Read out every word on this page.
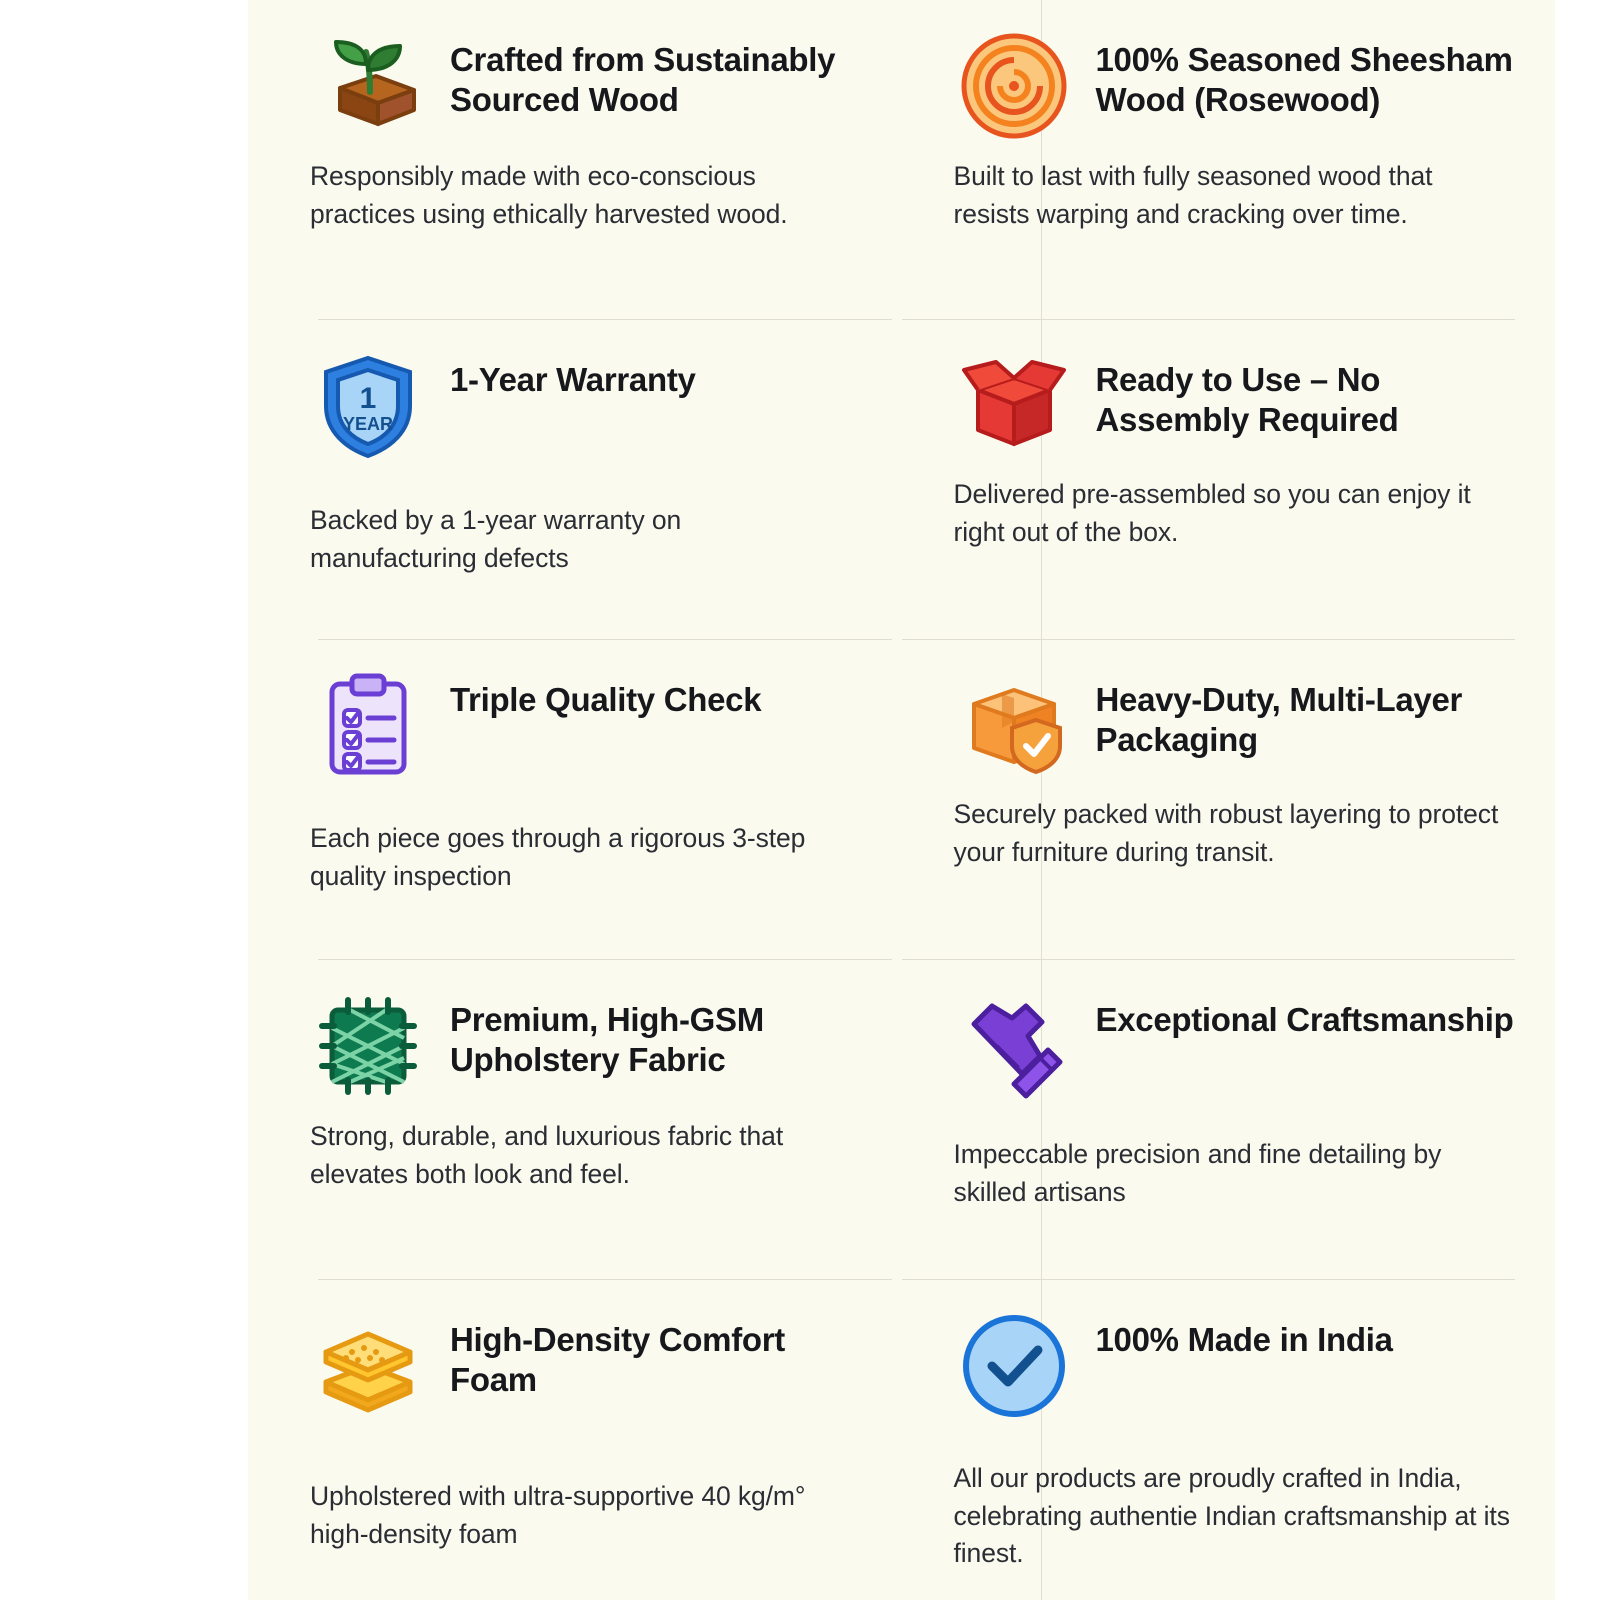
Crafted from Sustainably Sourced Wood
Responsibly made with eco-conscious practices using ethically harvested wood.
100% Seasoned Sheesham Wood (Rosewood)
Built to last with fully seasoned wood that resists warping and cracking over time.
1
YEAR
1-Year Warranty
Backed by a 1-year warranty on manufacturing defects
Ready to Use – No Assembly Required
Delivered pre-assembled so you can enjoy it right out of the box.
Triple Quality Check
Each piece goes through a rigorous 3-step quality inspection
Heavy-Duty, Multi-Layer Packaging
Securely packed with robust layering to protect your furniture during transit.
Premium, High-GSM Upholstery Fabric
Strong, durable, and luxurious fabric that elevates both look and feel.
Exceptional Craftsmanship
Impeccable precision and fine detailing by skilled artisans
High-Density Comfort Foam
Upholstered with ultra-supportive 40 kg/m° high-density foam
100% Made in India
All our products are proudly crafted in India, celebrating authentie Indian craftsmanship at its finest.
